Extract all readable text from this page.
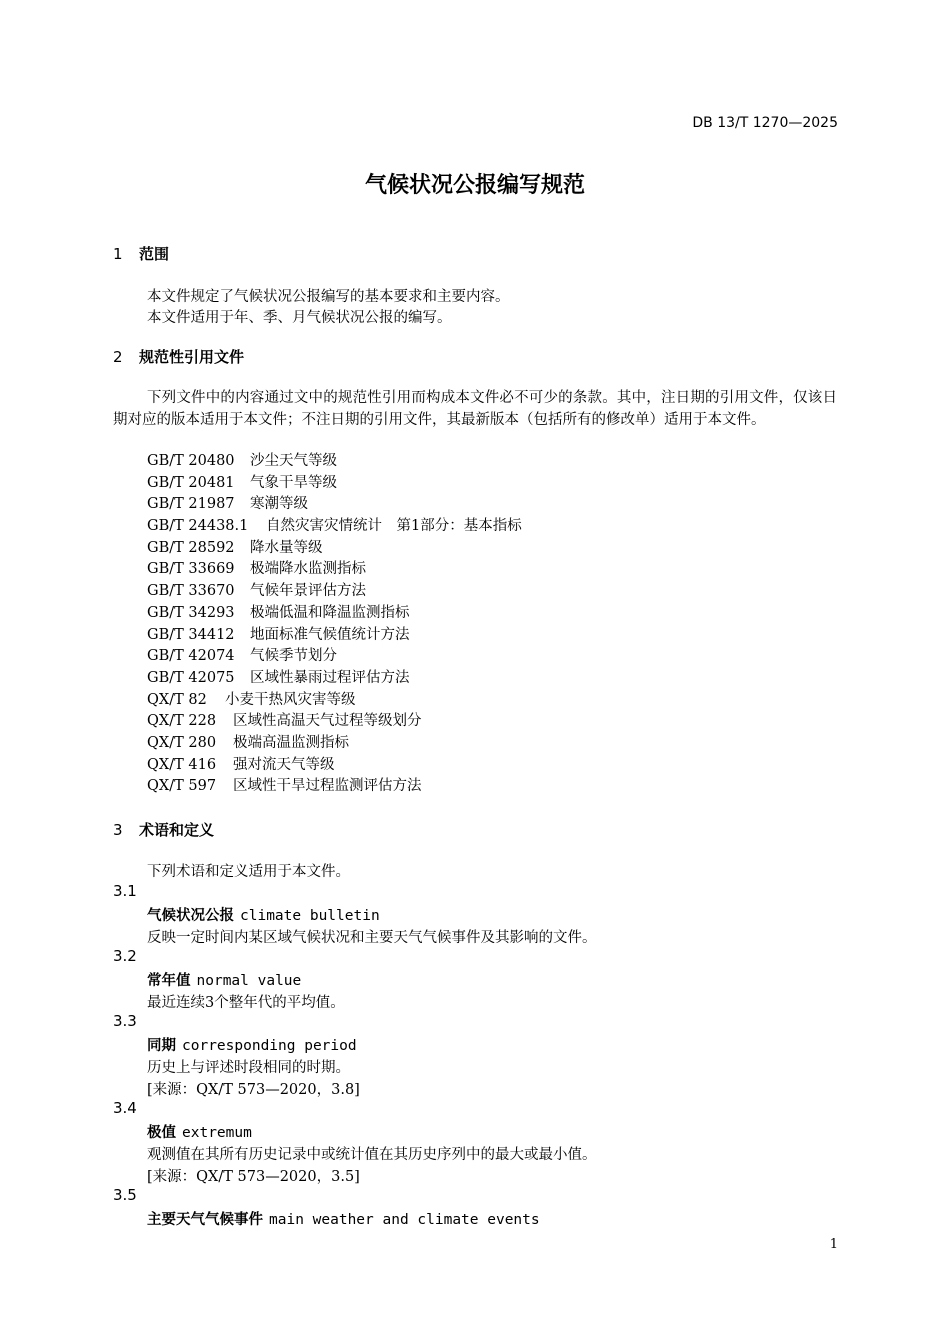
DB 13/T 1270—2025
气候状况公报编写规范
1 范围
本文件规定了气候状况公报编写的基本要求和主要内容。
本文件适用于年、季、月气候状况公报的编写。
2 规范性引用文件
下列文件中的内容通过文中的规范性引用而构成本文件必不可少的条款。其中，注日期的引用文件，仅该日期对应的版本适用于本文件；不注日期的引用文件，其最新版本（包括所有的修改单）适用于本文件。
GB/T 20480 沙尘天气等级
GB/T 20481 气象干旱等级
GB/T 21987 寒潮等级
GB/T 24438.1 自然灾害灾情统计　第1部分：基本指标
GB/T 28592 降水量等级
GB/T 33669 极端降水监测指标
GB/T 33670 气候年景评估方法
GB/T 34293 极端低温和降温监测指标
GB/T 34412 地面标准气候值统计方法
GB/T 42074 气候季节划分
GB/T 42075 区域性暴雨过程评估方法
QX/T 82 小麦干热风灾害等级
QX/T 228 区域性高温天气过程等级划分
QX/T 280 极端高温监测指标
QX/T 416 强对流天气等级
QX/T 597 区域性干旱过程监测评估方法
3 术语和定义
下列术语和定义适用于本文件。
3.1
气候状况公报 climate bulletin
反映一定时间内某区域气候状况和主要天气气候事件及其影响的文件。
3.2
常年值 normal value
最近连续3个整年代的平均值。
3.3
同期 corresponding period
历史上与评述时段相同的时期。
[来源：QX/T 573—2020，3.8]
3.4
极值 extremum
观测值在其所有历史记录中或统计值在其历史序列中的最大或最小值。
[来源：QX/T 573—2020，3.5]
3.5
主要天气气候事件 main weather and climate events
1
